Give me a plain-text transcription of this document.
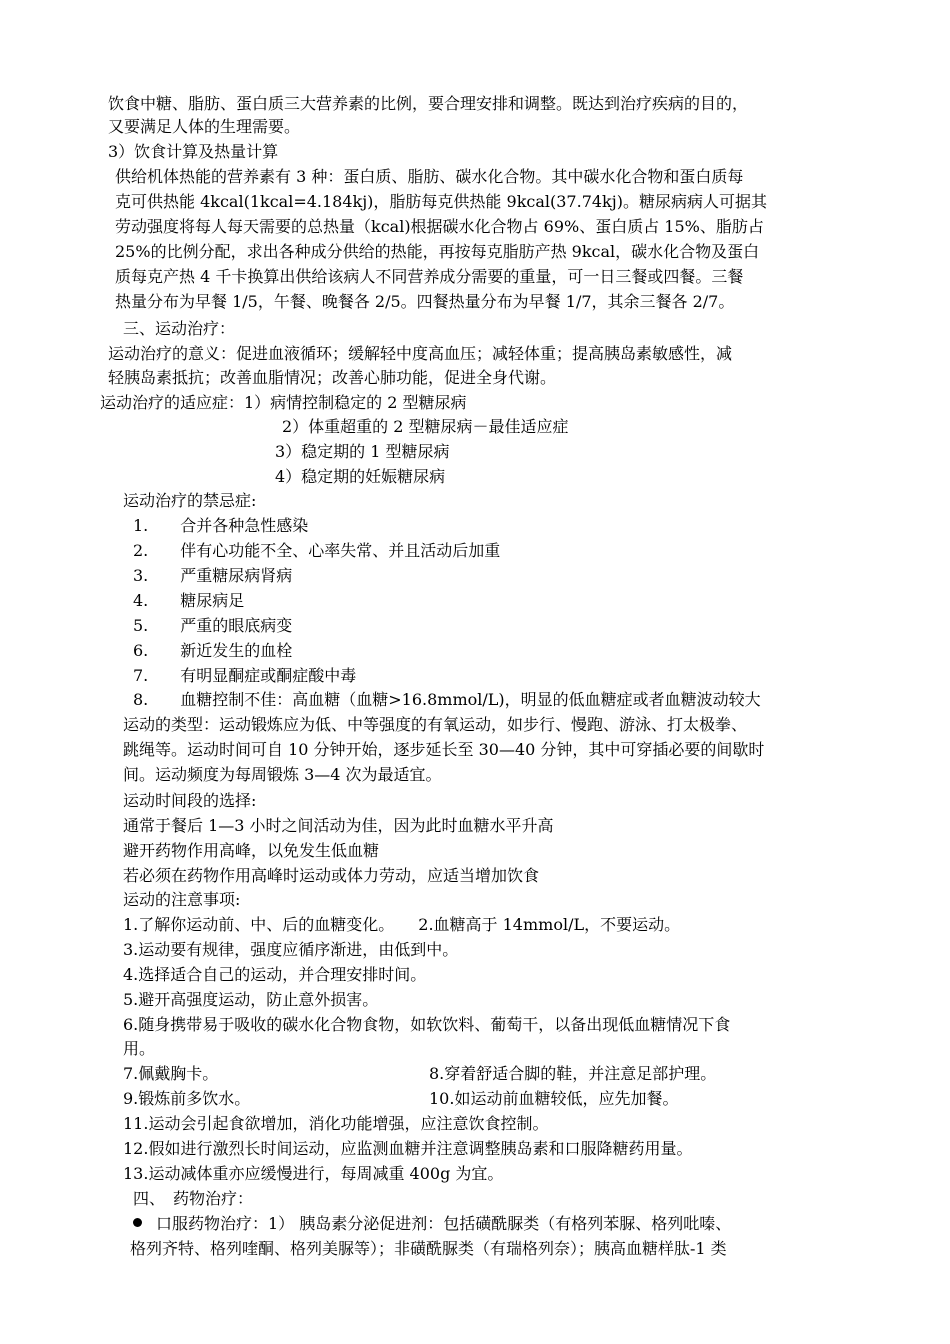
饮食中糖、脂肪、蛋白质三大营养素的比例，要合理安排和调整。既达到治疗疾病的目的，
又要满足人体的生理需要。
3）饮食计算及热量计算
供给机体热能的营养素有 3 种：蛋白质、脂肪、碳水化合物。其中碳水化合物和蛋白质每
克可供热能 4kcal(1kcal=4.184kj)，脂肪每克供热能 9kcal(37.74kj)。糖尿病病人可据其
劳动强度将每人每天需要的总热量（kcal)根据碳水化合物占 69%、蛋白质占 15%、脂肪占
25%的比例分配，求出各种成分供给的热能，再按每克脂肪产热 9kcal，碳水化合物及蛋白
质每克产热 4 千卡换算出供给该病人不同营养成分需要的重量，可一日三餐或四餐。三餐
热量分布为早餐 1/5，午餐、晚餐各 2/5。四餐热量分布为早餐 1/7，其余三餐各 2/7。
三、运动治疗：
运动治疗的意义：促进血液循环；缓解轻中度高血压；减轻体重；提高胰岛素敏感性，减
轻胰岛素抵抗；改善血脂情况；改善心肺功能，促进全身代谢。
运动治疗的适应症：1）病情控制稳定的 2 型糖尿病
2）体重超重的 2 型糖尿病－最佳适应症
3）稳定期的 1 型糖尿病
4）稳定期的妊娠糖尿病
运动治疗的禁忌症:
1.　　合并各种急性感染
2.　　伴有心功能不全、心率失常、并且活动后加重
3.　　严重糖尿病肾病
4.　　糖尿病足
5.　　严重的眼底病变
6.　　新近发生的血栓
7.　　有明显酮症或酮症酸中毒
8.　　血糖控制不佳：高血糖（血糖>16.8mmol/L)，明显的低血糖症或者血糖波动较大
运动的类型：运动锻炼应为低、中等强度的有氧运动，如步行、慢跑、游泳、打太极拳、
跳绳等。运动时间可自 10 分钟开始，逐步延长至 30—40 分钟，其中可穿插必要的间歇时
间。运动频度为每周锻炼 3—4 次为最适宜。
运动时间段的选择:
通常于餐后 1—3 小时之间活动为佳，因为此时血糖水平升高
避开药物作用高峰，以免发生低血糖
若必须在药物作用高峰时运动或体力劳动，应适当增加饮食
运动的注意事项:
1.了解你运动前、中、后的血糖变化。　　2.血糖高于 14mmol/L，不要运动。
3.运动要有规律，强度应循序渐进，由低到中。
4.选择适合自己的运动，并合理安排时间。
5.避开高强度运动，防止意外损害。
6.随身携带易于吸收的碳水化合物食物，如软饮料、葡萄干，以备出现低血糖情况下食
用。
7.佩戴胸卡。	8.穿着舒适合脚的鞋，并注意足部护理。
9.锻炼前多饮水。	10.如运动前血糖较低，应先加餐。
11.运动会引起食欲增加，消化功能增强，应注意饮食控制。
12.假如进行激烈长时间运动，应监测血糖并注意调整胰岛素和口服降糖药用量。
13.运动减体重亦应缓慢进行，每周减重 400g 为宜。
四、　药物治疗：
口服药物治疗：1） 胰岛素分泌促进剂：包括磺酰脲类（有格列苯脲、格列吡嗪、
格列齐特、格列喹酮、格列美脲等）；非磺酰脲类（有瑞格列奈）；胰高血糖样肽-1 类
